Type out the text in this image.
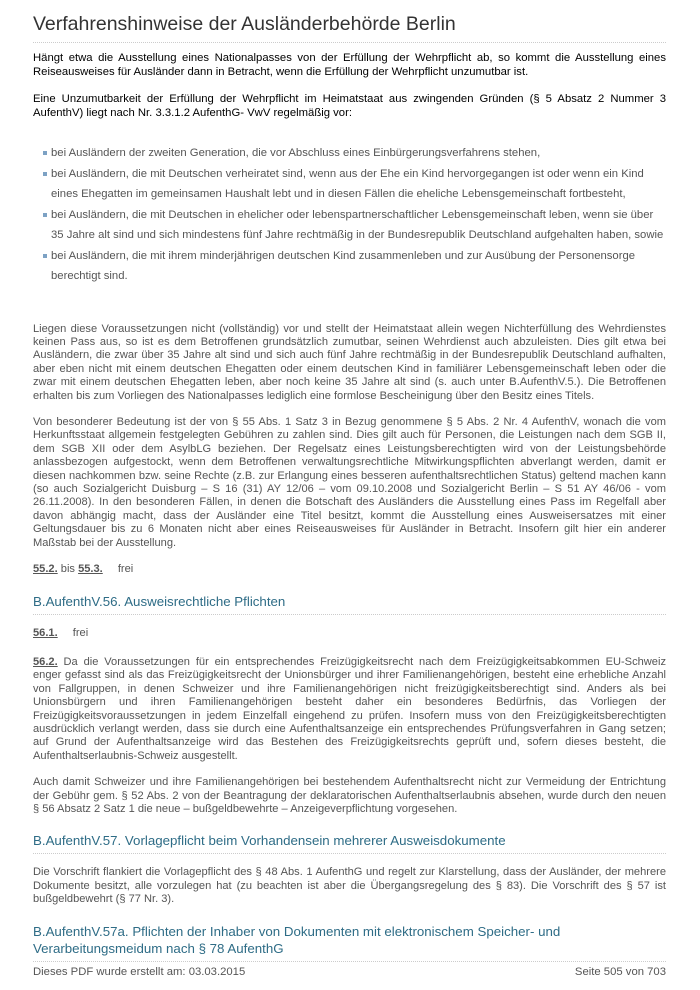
Verfahrenshinweise der Ausländerbehörde Berlin

Hängt etwa die Ausstellung eines Nationalpasses von der Erfüllung der Wehrpflicht ab, so kommt die Ausstellung eines Reiseausweises für Ausländer dann in Betracht, wenn die Erfüllung der Wehrpflicht unzumutbar ist.

Eine Unzumutbarkeit der Erfüllung der Wehrpflicht im Heimatstaat aus zwingenden Gründen (§ 5 Absatz 2 Nummer 3 AufenthV) liegt nach Nr. 3.3.1.2 AufenthG- VwV regelmäßig vor:

bei Ausländern der zweiten Generation, die vor Abschluss eines Einbürgerungsverfahrens stehen,
bei Ausländern, die mit Deutschen verheiratet sind, wenn aus der Ehe ein Kind hervorgegangen ist oder wenn ein Kind eines Ehegatten im gemeinsamen Haushalt lebt und in diesen Fällen die eheliche Lebensgemeinschaft fortbesteht,
bei Ausländern, die mit Deutschen in ehelicher oder lebenspartnerschaftlicher Lebensgemeinschaft leben, wenn sie über 35 Jahre alt sind und sich mindestens fünf Jahre rechtmäßig in der Bundesrepublik Deutschland aufgehalten haben, sowie
bei Ausländern, die mit ihrem minderjährigen deutschen Kind zusammenleben und zur Ausübung der Personensorge berechtigt sind.

Liegen diese Voraussetzungen nicht (vollständig) vor und stellt der Heimatstaat allein wegen Nichterfüllung des Wehrdienstes keinen Pass aus, so ist es dem Betroffenen grundsätzlich zumutbar, seinen Wehrdienst auch abzuleisten. Dies gilt etwa bei Ausländern, die zwar über 35 Jahre alt sind und sich auch fünf Jahre rechtmäßig in der Bundesrepublik Deutschland aufhalten, aber eben nicht mit einem deutschen Ehegatten oder einem deutschen Kind in familiärer Lebensgemeinschaft leben oder die zwar mit einem deutschen Ehegatten leben, aber noch keine 35 Jahre alt sind (s. auch unter B.AufenthV.5.). Die Betroffenen erhalten bis zum Vorliegen des Nationalpasses lediglich eine formlose Bescheinigung über den Besitz eines Titels.

Von besonderer Bedeutung ist der von § 55 Abs. 1 Satz 3 in Bezug genommene § 5 Abs. 2 Nr. 4 AufenthV, wonach die vom Herkunftsstaat allgemein festgelegten Gebühren zu zahlen sind. Dies gilt auch für Personen, die Leistungen nach dem SGB II, dem SGB XII oder dem AsylbLG beziehen. Der Regelsatz eines Leistungsberechtigten wird von der Leistungsbehörde anlassbezogen aufgestockt, wenn dem Betroffenen verwaltungsrechtliche Mitwirkungspflichten abverlangt werden, damit er diesen nachkommen bzw. seine Rechte (z.B. zur Erlangung eines besseren aufenthaltsrechtlichen Status) geltend machen kann (so auch Sozialgericht Duisburg – S 16 (31) AY 12/06 – vom 09.10.2008 und Sozialgericht Berlin – S 51 AY 46/06 - vom 26.11.2008). In den besonderen Fällen, in denen die Botschaft des Ausländers die Ausstellung eines Pass im Regelfall aber davon abhängig macht, dass der Ausländer eine Titel besitzt, kommt die Ausstellung eines Ausweisersatzes mit einer Geltungsdauer bis zu 6 Monaten nicht aber eines Reiseausweises für Ausländer in Betracht. Insofern gilt hier ein anderer Maßstab bei der Ausstellung.

55.2. bis 55.3. frei

B.AufenthV.56. Ausweisrechtliche Pflichten

56.1. frei

56.2. Da die Voraussetzungen für ein entsprechendes Freizügigkeitsrecht nach dem Freizügigkeitsabkommen EU-Schweiz enger gefasst sind als das Freizügigkeitsrecht der Unionsbürger und ihrer Familienangehörigen, besteht eine erhebliche Anzahl von Fallgruppen, in denen Schweizer und ihre Familienangehörigen nicht freizügigkeitsberechtigt sind. Anders als bei Unionsbürgern und ihren Familienangehörigen besteht daher ein besonderes Bedürfnis, das Vorliegen der Freizügigkeitsvoraussetzungen in jedem Einzelfall eingehend zu prüfen. Insofern muss von den Freizügigkeitsberechtigten ausdrücklich verlangt werden, dass sie durch eine Aufenthaltsanzeige ein entsprechendes Prüfungsverfahren in Gang setzen; auf Grund der Aufenthaltsanzeige wird das Bestehen des Freizügigkeitsrechts geprüft und, sofern dieses besteht, die Aufenthaltserlaubnis-Schweiz ausgestellt.

Auch damit Schweizer und ihre Familienangehörigen bei bestehendem Aufenthaltsrecht nicht zur Vermeidung der Entrichtung der Gebühr gem. § 52 Abs. 2 von der Beantragung der deklaratorischen Aufenthaltserlaubnis absehen, wurde durch den neuen § 56 Absatz 2 Satz 1 die neue – bußgeldbewehrte – Anzeigeverpflichtung vorgesehen.

B.AufenthV.57. Vorlagepflicht beim Vorhandensein mehrerer Ausweisdokumente

Die Vorschrift flankiert die Vorlagepflicht des § 48 Abs. 1 AufenthG und regelt zur Klarstellung, dass der Ausländer, der mehrere Dokumente besitzt, alle vorzulegen hat (zu beachten ist aber die Übergangsregelung des § 83). Die Vorschrift des § 57 ist bußgeldbewehrt (§ 77 Nr. 3).

B.AufenthV.57a. Pflichten der Inhaber von Dokumenten mit elektronischem Speicher- und Verarbeitungsmeidum nach § 78 AufenthG
Dieses PDF wurde erstellt am: 03.03.2015	Seite 505 von 703
